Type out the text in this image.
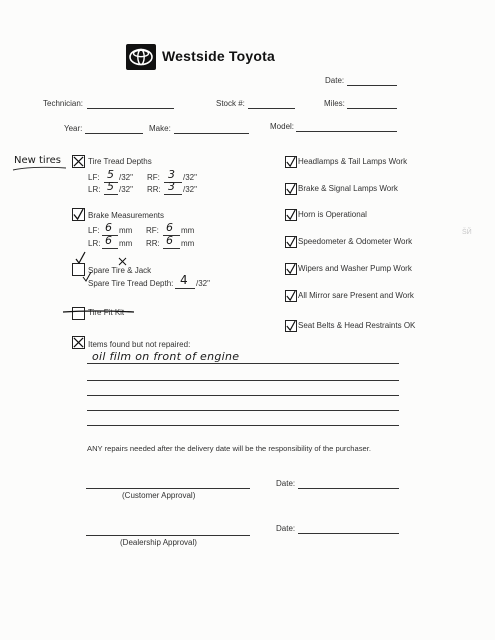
Westside Toyota
Date:
Technician:	Stock #:	Miles:
Year:	Make:	Model:
New tires	Tire Tread Depths
LF: 5 /32" RF: 3 /32"
LR: 5 /32" RR: 3 /32"
Brake Measurements
LF: 6 mm RF: 6 mm
LR: 6 mm RR: 6 mm
Spare Tire & Jack
Spare Tire Tread Depth: 4 /32"
Tire Fit Kit
Items found but not repaired:
oil film on front of engine
Headlamps & Tail Lamps Work
Brake & Signal Lamps Work
Horn is Operational
Speedometer & Odometer Work
Wipers and Washer Pump Work
All Mirror sare Present and Work
Seat Belts & Head Restraints OK
ANY repairs needed after the delivery date will be the responsibility of the purchaser.
(Customer Approval)
Date:
(Dealership Approval)
Date:
ŠЙ
